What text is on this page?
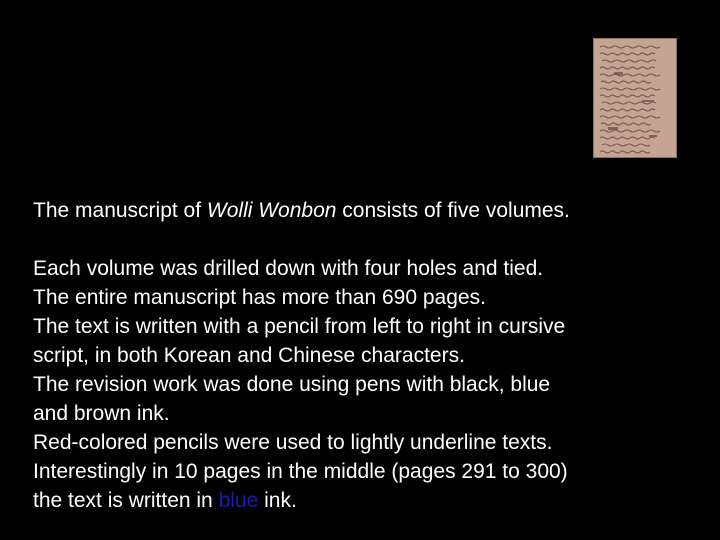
The manuscript of Wolli Wonbon consists of five volumes.
Each volume was drilled down with four holes and tied.
The entire manuscript has more than 690 pages.
The text is written with a pencil from left to right in cursive
script, in both Korean and Chinese characters.
The revision work was done using pens with black, blue
and brown ink.
Red-colored pencils were used to lightly underline texts.
Interestingly in 10 pages in the middle (pages 291 to 300)
the text is written in blue ink.
